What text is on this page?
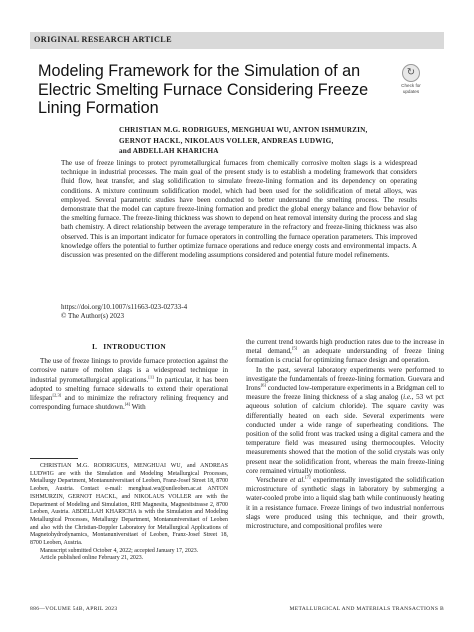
ORIGINAL RESEARCH ARTICLE
Modeling Framework for the Simulation of an Electric Smelting Furnace Considering Freeze Lining Formation
↻
Check for
updates
CHRISTIAN M.G. RODRIGUES, MENGHUAI WU, ANTON ISHMURZIN,
GERNOT HACKL, NIKOLAUS VOLLER, ANDREAS LUDWIG,
and ABDELLAH KHARICHA
The use of freeze linings to protect pyrometallurgical furnaces from chemically corrosive molten slags is a widespread technique in industrial processes. The main goal of the present study is to establish a modeling framework that considers fluid flow, heat transfer, and slag solidification to simulate freeze-lining formation and its dependency on operating conditions. A mixture continuum solidification model, which had been used for the solidification of metal alloys, was employed. Several parametric studies have been conducted to better understand the smelting process. The results demonstrate that the model can capture freeze-lining formation and predict the global energy balance and flow behavior of the smelting furnace. The freeze-lining thickness was shown to depend on heat removal intensity during the process and slag bath chemistry. A direct relationship between the average temperature in the refractory and freeze-lining thickness was also observed. This is an important indicator for furnace operators in controlling the furnace operation parameters. This improved knowledge offers the potential to further optimize furnace operations and reduce energy costs and environmental impacts. A discussion was presented on the different modeling assumptions considered and potential future model refinements.
https://doi.org/10.1007/s11663-023-02733-4
© The Author(s) 2023
I. INTRODUCTION

The use of freeze linings to provide furnace protection against the corrosive nature of molten slags is a widespread technique in industrial pyrometallurgical applications.[1] In particular, it has been adopted to smelting furnace sidewalls to extend their operational lifespan[2,3] and to minimize the refractory relining frequency and corresponding furnace shutdown.[4] With

CHRISTIAN M.G. RODRIGUES, MENGHUAI WU, and ANDREAS LUDWIG are with the Simulation and Modeling Metallurgical Processes, Metallurgy Department, Montanuniversitaet of Leoben, Franz-Josef Street 18, 8700 Leoben, Austria. Contact e-mail: menghuai.wu@unileoben.ac.at ANTON ISHMURZIN, GERNOT HACKL, and NIKOLAUS VOLLER are with the Department of Modeling and Simulation, RHI Magnesita, Magnesitstrasse 2, 8700 Leoben, Austria. ABDELLAH KHARICHA is with the Simulation and Modeling Metallurgical Processes, Metallurgy Department, Montanuniversitaet of Leoben and also with the Christian-Doppler Laboratory for Metallurgical Applications of Magnetohydrodynamics, Montanuniversitaet of Leoben, Franz-Josef Street 18, 8700 Leoben, Austria.
Manuscript submitted October 4, 2022; accepted January 17, 2023.
Article published online February 21, 2023.

the current trend towards high production rates due to the increase in metal demand,[5] an adequate understanding of freeze lining formation is crucial for optimizing furnace design and operation.

In the past, several laboratory experiments were performed to investigate the fundamentals of freeze-lining formation. Guevara and Irons[6] conducted low-temperature experiments in a Bridgman cell to measure the freeze lining thickness of a slag analog (i.e., 53 wt pct aqueous solution of calcium chloride). The square cavity was differentially heated on each side. Several experiments were conducted under a wide range of superheating conditions. The position of the solid front was tracked using a digital camera and the temperature field was measured using thermocouples. Velocity measurements showed that the motion of the solid crystals was only present near the solidification front, whereas the main freeze-lining core remained virtually motionless.

Verscheure et al.[7] experimentally investigated the solidification microstructure of synthetic slags in laboratory by submerging a water-cooled probe into a liquid slag bath while continuously heating it in a resistance furnace. Freeze linings of two industrial nonferrous slags were produced using this technique, and their growth, microstructure, and compositional profiles were

886—VOLUME 54B, APRIL 2023	METALLURGICAL AND MATERIALS TRANSACTIONS B
